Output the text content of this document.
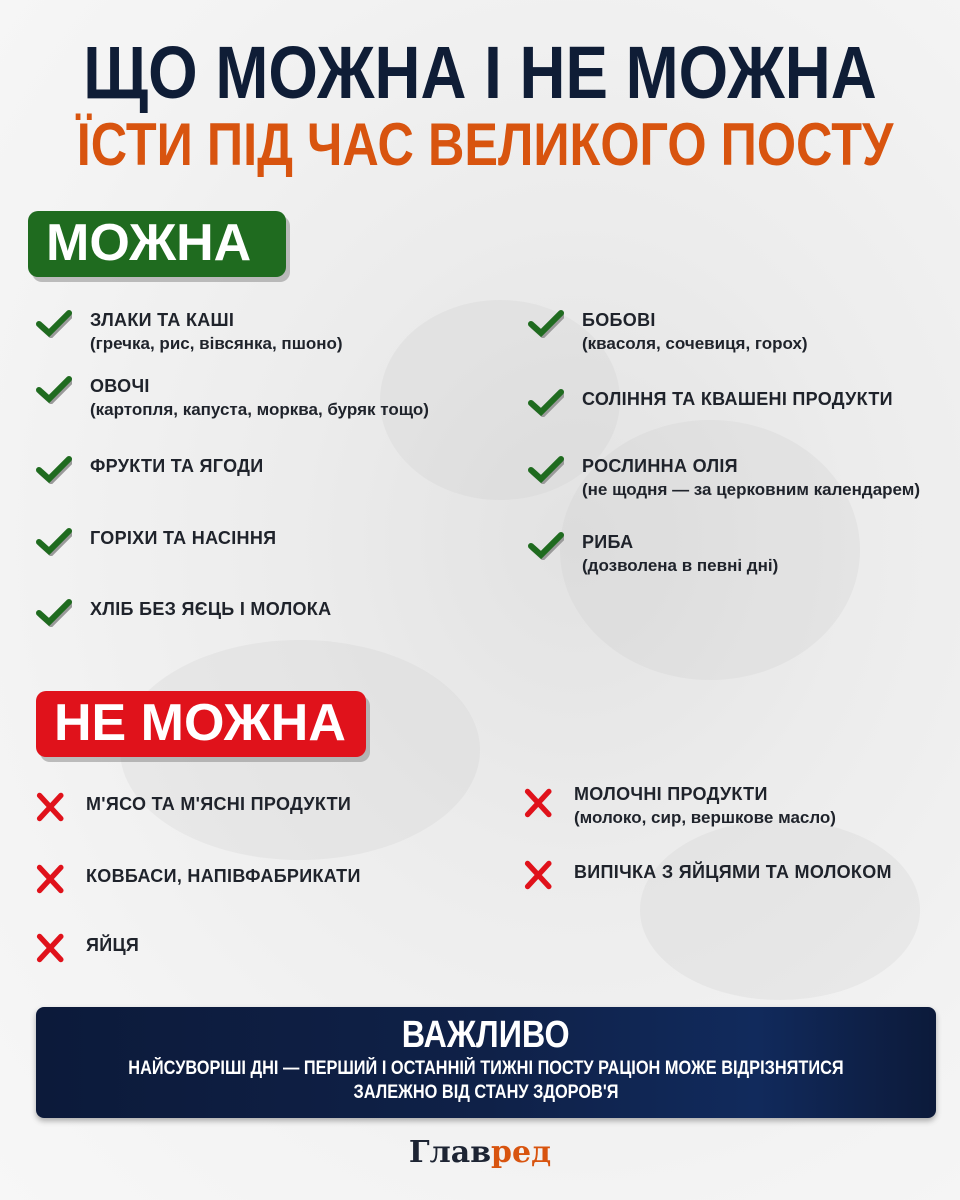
ЩО МОЖНА І НЕ МОЖНА
ЇСТИ ПІД ЧАС ВЕЛИКОГО ПОСТУ
МОЖНА
ЗЛАКИ ТА КАШІ
(гречка, рис, вівсянка, пшоно)
ОВОЧІ
(картопля, капуста, морква, буряк тощо)
ФРУКТИ ТА ЯГОДИ
ГОРІХИ ТА НАСІННЯ
ХЛІБ БЕЗ ЯЄЦЬ І МОЛОКА
БОБОВІ
(квасоля, сочевиця, горох)
СОЛІННЯ ТА КВАШЕНІ ПРОДУКТИ
РОСЛИННА ОЛІЯ
(не щодня — за церковним календарем)
РИБА
(дозволена в певні дні)
НЕ МОЖНА
М'ЯСО ТА М'ЯСНІ ПРОДУКТИ
КОВБАСИ, НАПІВФАБРИКАТИ
ЯЙЦЯ
МОЛОЧНІ ПРОДУКТИ
(молоко, сир, вершкове масло)
ВИПІЧКА З ЯЙЦЯМИ ТА МОЛОКОМ
ВАЖЛИВО
НАЙСУВОРІШІ ДНІ — ПЕРШИЙ І ОСТАННІЙ ТИЖНІ ПОСТУ РАЦІОН МОЖЕ ВІДРІЗНЯТИСЯ
ЗАЛЕЖНО ВІД СТАНУ ЗДОРОВ'Я
Главред
